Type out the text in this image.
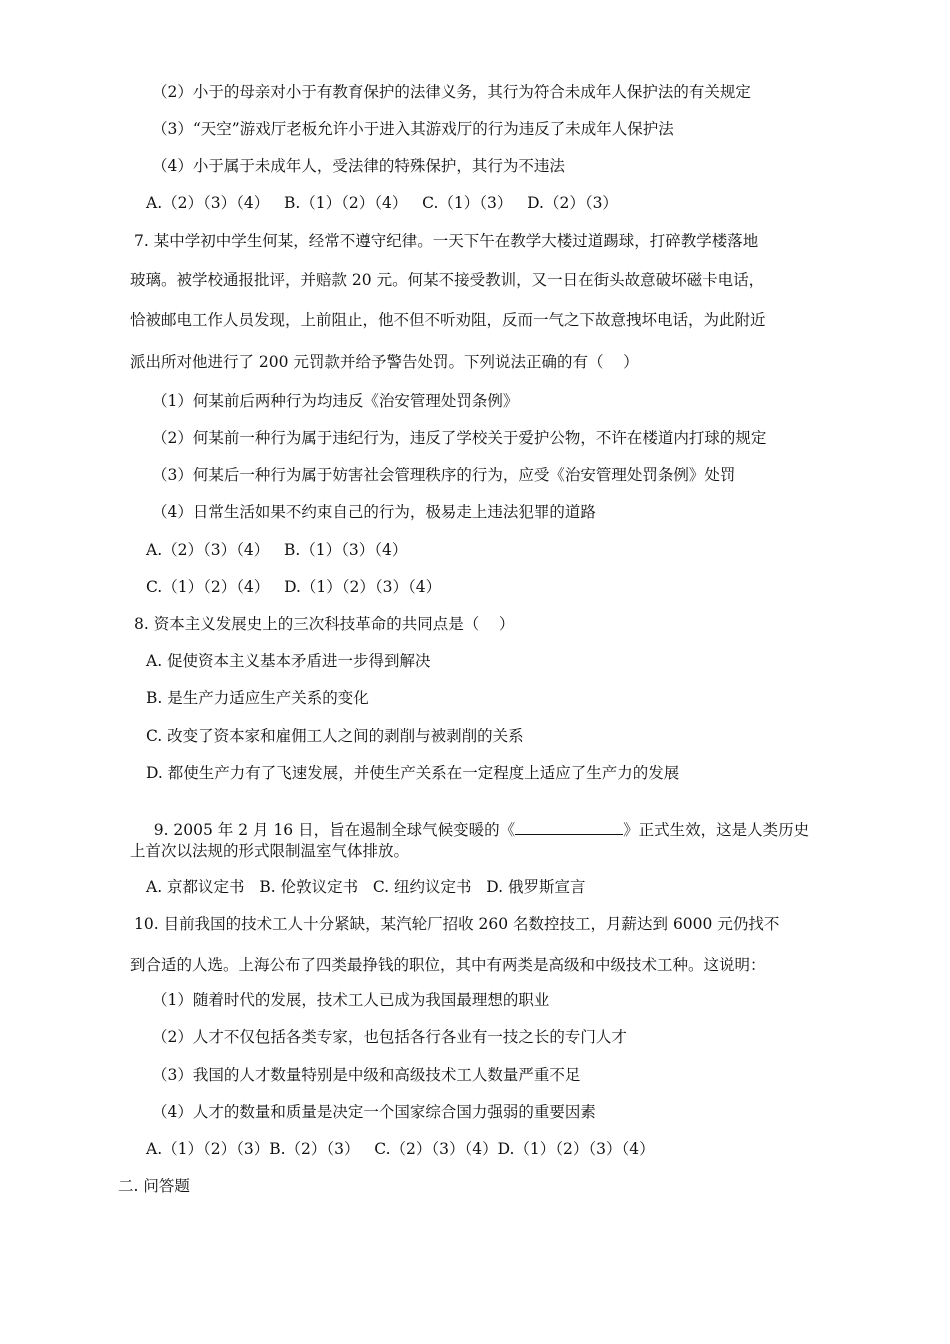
（2）小于的母亲对小于有教育保护的法律义务，其行为符合未成年人保护法的有关规定
（3）“天空”游戏厅老板允许小于进入其游戏厅的行为违反了未成年人保护法
（4）小于属于未成年人，受法律的特殊保护，其行为不违法
A.（2）（3）（4）   B.（1）（2）（4）   C.（1）（3）   D.（2）（3）
7. 某中学初中学生何某，经常不遵守纪律。一天下午在教学大楼过道踢球，打碎教学楼落地
玻璃。被学校通报批评，并赔款 20 元。何某不接受教训，又一日在街头故意破坏磁卡电话，
恰被邮电工作人员发现，上前阻止，他不但不听劝阻，反而一气之下故意拽坏电话，为此附近
派出所对他进行了 200 元罚款并给予警告处罚。下列说法正确的有（    ）
（1）何某前后两种行为均违反《治安管理处罚条例》
（2）何某前一种行为属于违纪行为，违反了学校关于爱护公物，不许在楼道内打球的规定
（3）何某后一种行为属于妨害社会管理秩序的行为，应受《治安管理处罚条例》处罚
（4）日常生活如果不约束自己的行为，极易走上违法犯罪的道路
A.（2）（3）（4）   B.（1）（3）（4）
C.（1）（2）（4）   D.（1）（2）（3）（4）
8. 资本主义发展史上的三次科技革命的共同点是（    ）
A. 促使资本主义基本矛盾进一步得到解决
B. 是生产力适应生产关系的变化
C. 改变了资本家和雇佣工人之间的剥削与被剥削的关系
D. 都使生产力有了飞速发展，并使生产关系在一定程度上适应了生产力的发展

9. 2005 年 2 月 16 日，旨在遏制全球气候变暖的《	》正式生效，这是人类历史

上首次以法规的形式限制温室气体排放。
A. 京都议定书   B. 伦敦议定书   C. 纽约议定书   D. 俄罗斯宣言
10. 目前我国的技术工人十分紧缺，某汽轮厂招收 260 名数控技工，月薪达到 6000 元仍找不
到合适的人选。上海公布了四类最挣钱的职位，其中有两类是高级和中级技术工种。这说明：
（1）随着时代的发展，技术工人已成为我国最理想的职业
（2）人才不仅包括各类专家，也包括各行各业有一技之长的专门人才
（3）我国的人才数量特别是中级和高级技术工人数量严重不足
（4）人才的数量和质量是决定一个国家综合国力强弱的重要因素
A.（1）（2）（3）B.（2）（3）   C.（2）（3）（4）D.（1）（2）（3）（4）
二. 问答题
